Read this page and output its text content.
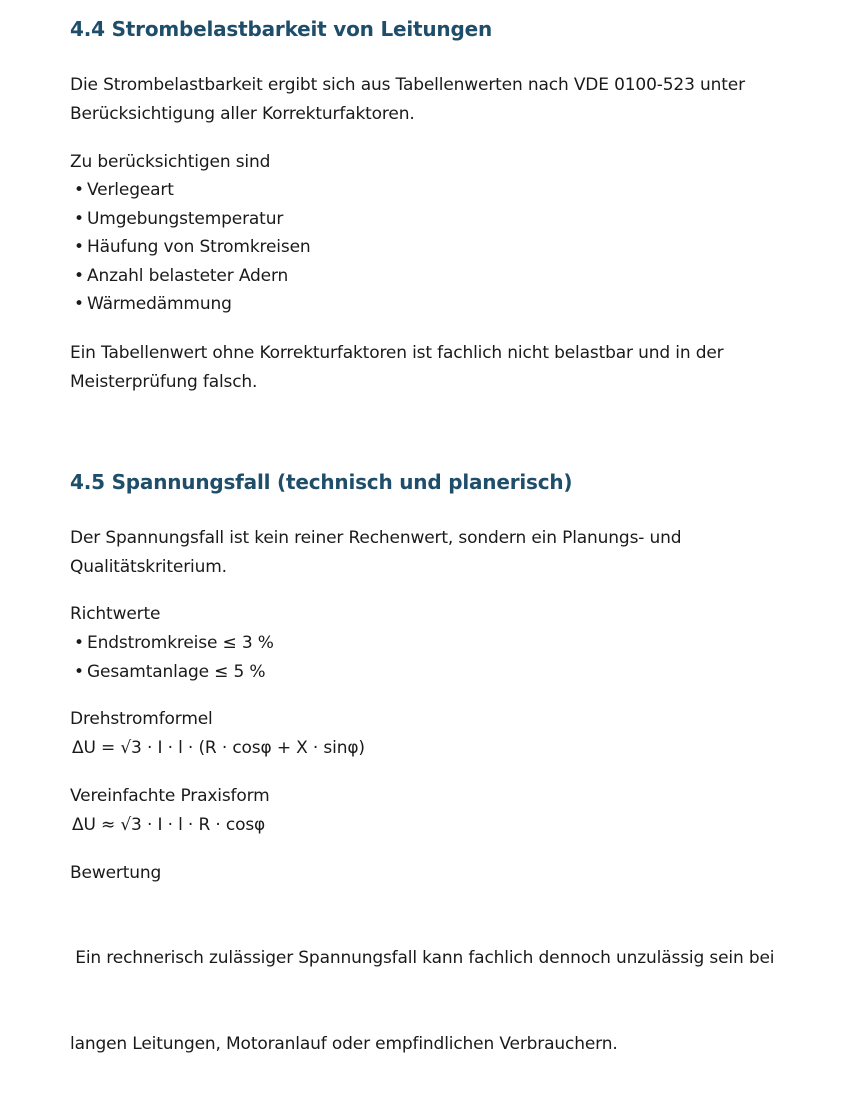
4.4 Strombelastbarkeit von Leitungen

Die Strombelastbarkeit ergibt sich aus Tabellenwerten nach VDE 0100-523 unter
Berücksichtigung aller Korrekturfaktoren.

Zu berücksichtigen sind

• Verlegeart
• Umgebungstemperatur
• Häufung von Stromkreisen
• Anzahl belasteter Adern
• Wärmedämmung

Ein Tabellenwert ohne Korrekturfaktoren ist fachlich nicht belastbar und in der
Meisterprüfung falsch.

4.5 Spannungsfall (technisch und planerisch)

Der Spannungsfall ist kein reiner Rechenwert, sondern ein Planungs- und
Qualitätskriterium.

Richtwerte

• Endstromkreise ≤ 3 %
• Gesamtanlage ≤ 5 %

Drehstromformel

ΔU = √3 · I · l · (R · cosφ + X · sinφ)

Vereinfachte Praxisform

ΔU ≈ √3 · I · l · R · cosφ

Bewertung

Ein rechnerisch zulässiger Spannungsfall kann fachlich dennoch unzulässig sein bei

langen Leitungen, Motoranlauf oder empfindlichen Verbrauchern.
